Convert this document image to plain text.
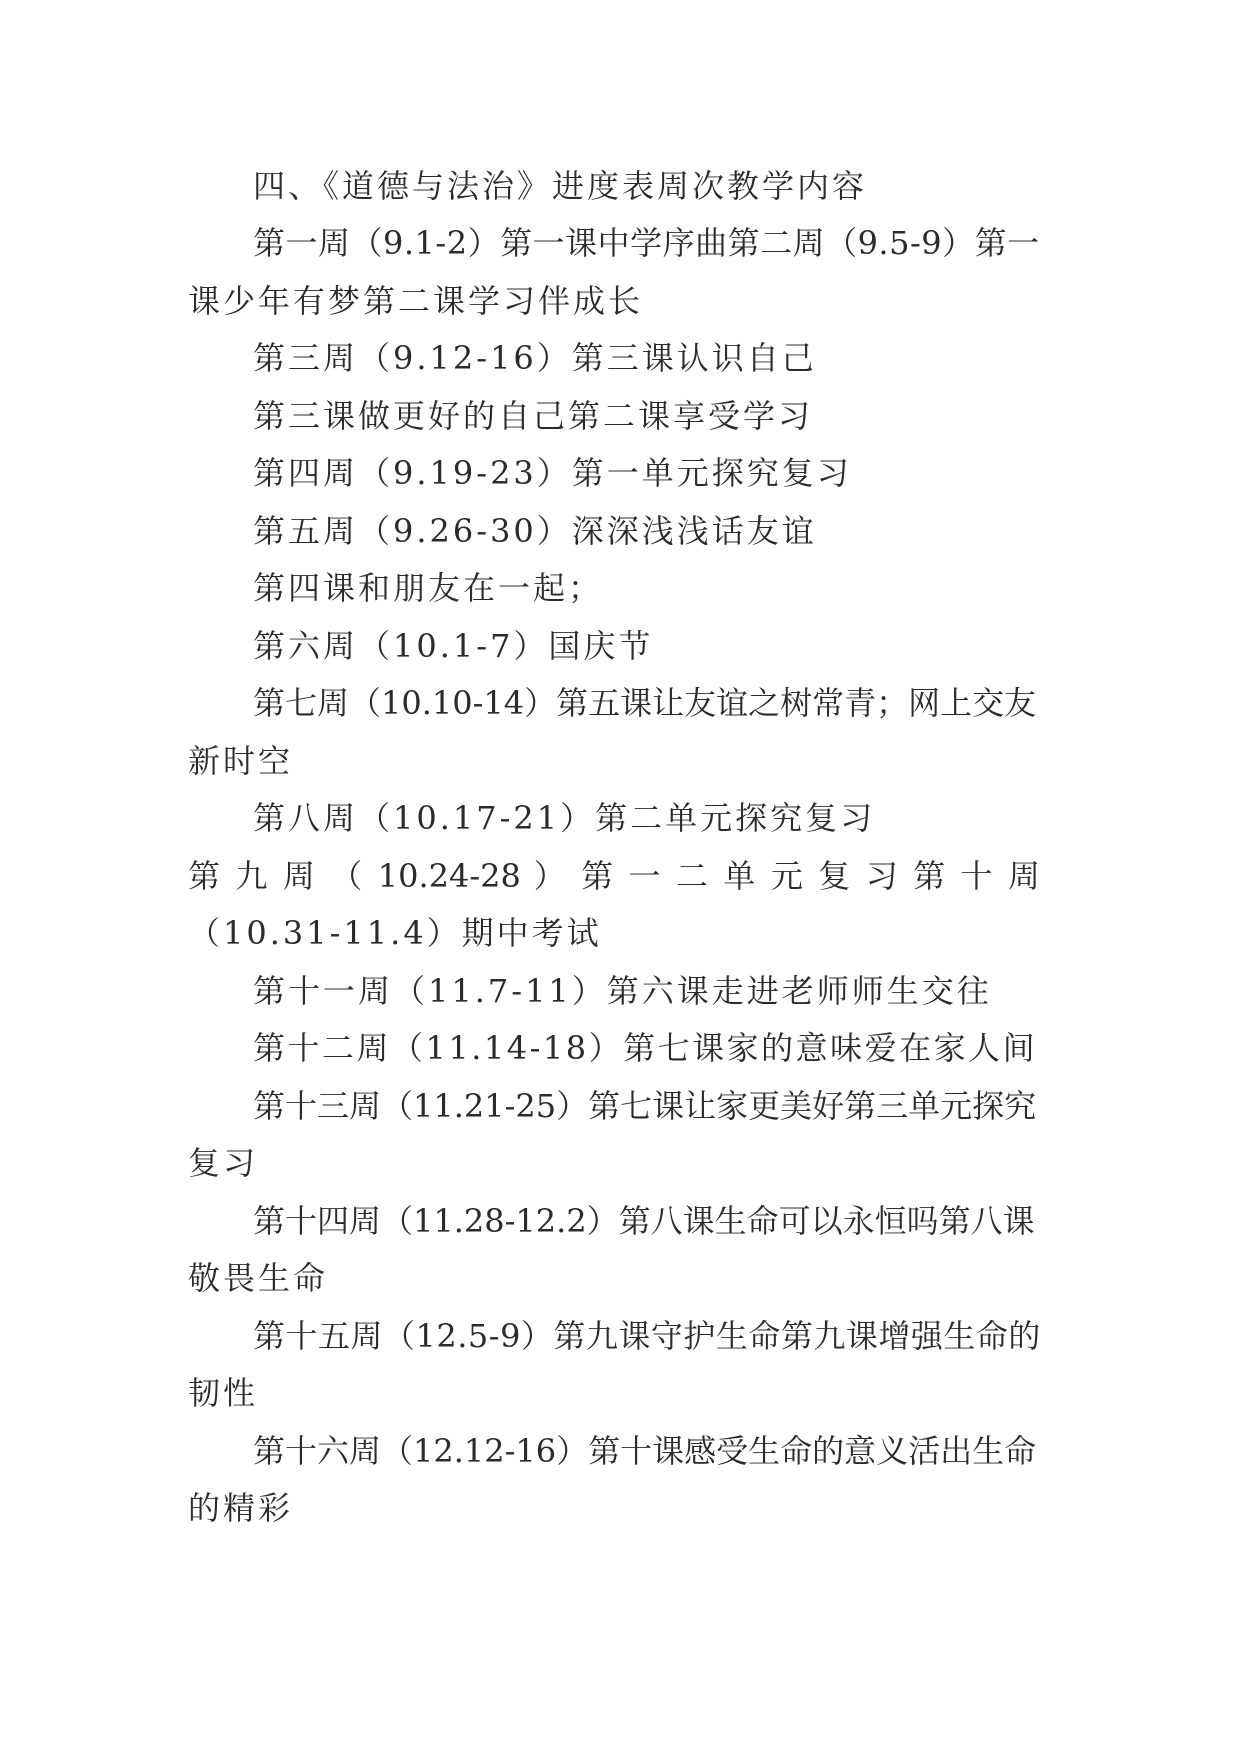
四、《道德与法治》进度表周次教学内容

第一周（9.1-2）第一课中学序曲第二周（9.5-9）第一

课少年有梦第二课学习伴成长

第三周（9.12-16）第三课认识自己

第三课做更好的自己第二课享受学习

第四周（9.19-23）第一单元探究复习

第五周（9.26-30）深深浅浅话友谊

第四课和朋友在一起；

第六周（10.1-7）国庆节

第七周（10.10-14）第五课让友谊之树常青；网上交友

新时空

第八周（10.17-21）第二单元探究复习

第 九 周 （ 10.24-28 ） 第 一 二 单 元 复 习 第 十 周

（10.31-11.4）期中考试

第十一周（11.7-11）第六课走进老师师生交往

第十二周（11.14-18）第七课家的意味爱在家人间

第十三周（11.21-25）第七课让家更美好第三单元探究

复习

第十四周（11.28-12.2）第八课生命可以永恒吗第八课

敬畏生命

第十五周（12.5-9）第九课守护生命第九课增强生命的

韧性

第十六周（12.12-16）第十课感受生命的意义活出生命

的精彩
